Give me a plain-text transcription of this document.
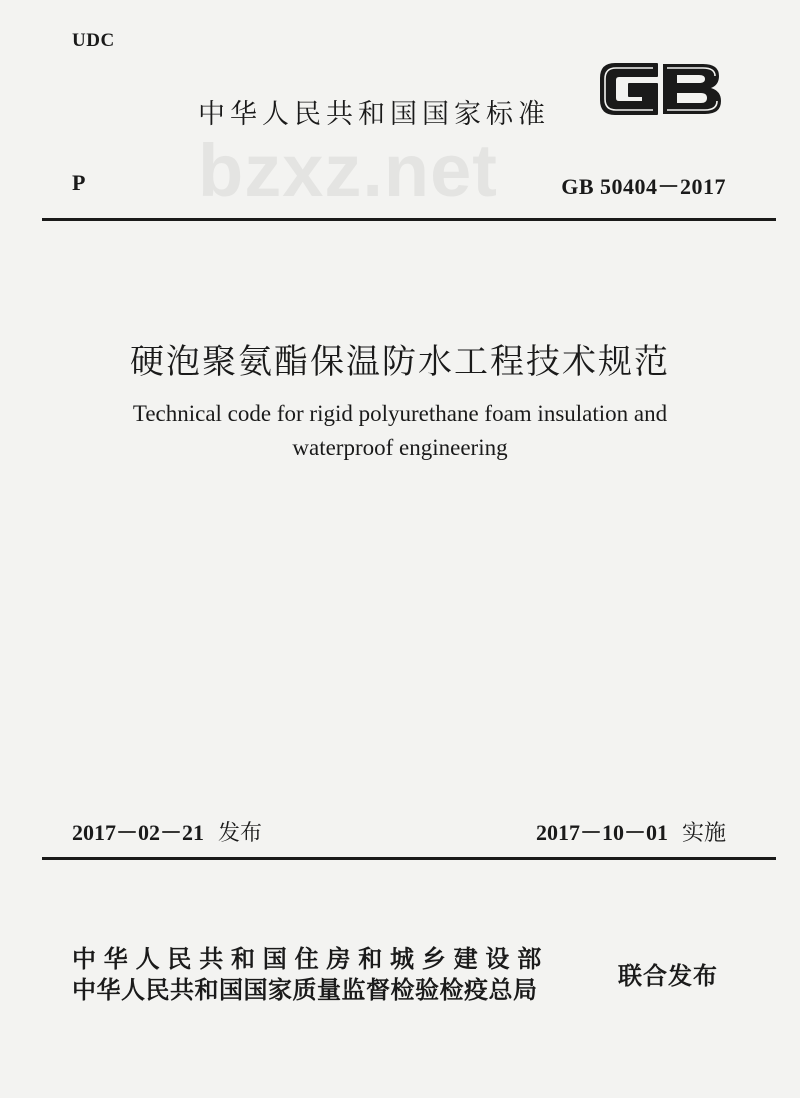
UDC
中华人民共和国国家标准
bzxz.net
P	GB 50404－2017
硬泡聚氨酯保温防水工程技术规范
Technical code for rigid polyurethane foam insulation and
waterproof engineering
2017－02－21 发布	2017－10－01 实施
中华人民共和国住房和城乡建设部
中华人民共和国国家质量监督检验检疫总局	联合发布
